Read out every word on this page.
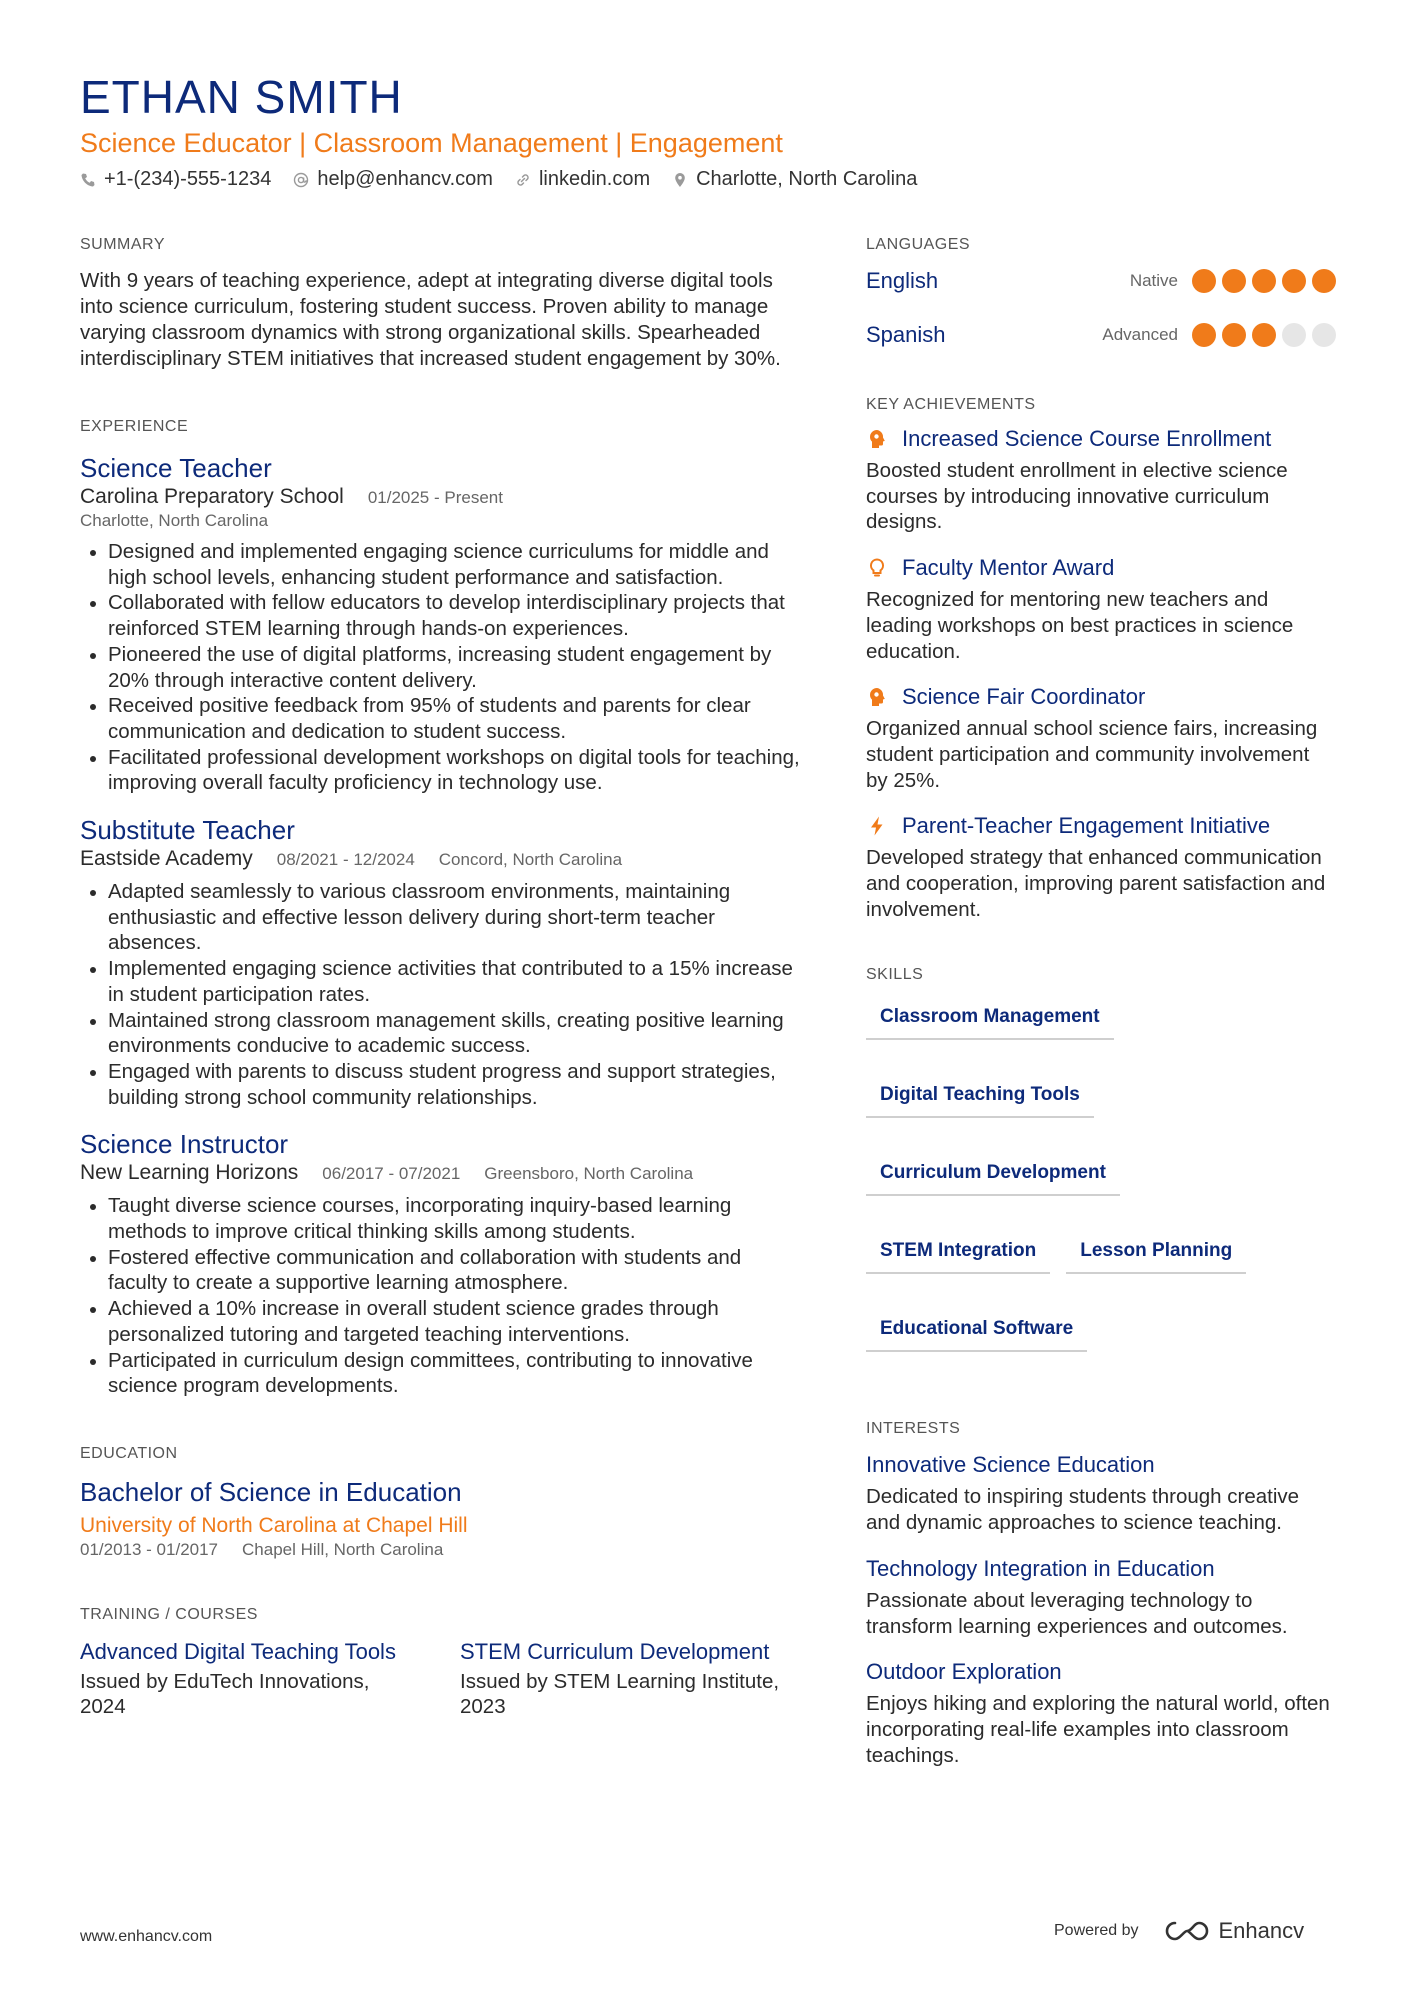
ETHAN SMITH
Science Educator | Classroom Management | Engagement
+1-(234)-555-1234 help@enhancv.com linkedin.com Charlotte, North Carolina
SUMMARY
With 9 years of teaching experience, adept at integrating diverse digital tools into science curriculum, fostering student success. Proven ability to manage varying classroom dynamics with strong organizational skills. Spearheaded interdisciplinary STEM initiatives that increased student engagement by 30%.
EXPERIENCE
Science Teacher
Carolina Preparatory School 01/2025 - Present
Charlotte, North Carolina
Designed and implemented engaging science curriculums for middle and high school levels, enhancing student performance and satisfaction.
Collaborated with fellow educators to develop interdisciplinary projects that reinforced STEM learning through hands-on experiences.
Pioneered the use of digital platforms, increasing student engagement by 20% through interactive content delivery.
Received positive feedback from 95% of students and parents for clear communication and dedication to student success.
Facilitated professional development workshops on digital tools for teaching, improving overall faculty proficiency in technology use.
Substitute Teacher
Eastside Academy 08/2021 - 12/2024 Concord, North Carolina
Adapted seamlessly to various classroom environments, maintaining enthusiastic and effective lesson delivery during short-term teacher absences.
Implemented engaging science activities that contributed to a 15% increase in student participation rates.
Maintained strong classroom management skills, creating positive learning environments conducive to academic success.
Engaged with parents to discuss student progress and support strategies, building strong school community relationships.
Science Instructor
New Learning Horizons 06/2017 - 07/2021 Greensboro, North Carolina
Taught diverse science courses, incorporating inquiry-based learning methods to improve critical thinking skills among students.
Fostered effective communication and collaboration with students and faculty to create a supportive learning atmosphere.
Achieved a 10% increase in overall student science grades through personalized tutoring and targeted teaching interventions.
Participated in curriculum design committees, contributing to innovative science program developments.
EDUCATION
Bachelor of Science in Education
University of North Carolina at Chapel Hill
01/2013 - 01/2017 Chapel Hill, North Carolina
TRAINING / COURSES
Advanced Digital Teaching Tools
Issued by EduTech Innovations, 2024
STEM Curriculum Development
Issued by STEM Learning Institute, 2023
LANGUAGES
English	Native
Spanish	Advanced
KEY ACHIEVEMENTS
Increased Science Course Enrollment
Boosted student enrollment in elective science courses by introducing innovative curriculum designs.
Faculty Mentor Award
Recognized for mentoring new teachers and leading workshops on best practices in science education.
Science Fair Coordinator
Organized annual school science fairs, increasing student participation and community involvement by 25%.
Parent-Teacher Engagement Initiative
Developed strategy that enhanced communication and cooperation, improving parent satisfaction and involvement.
SKILLS
Classroom Management
Digital Teaching Tools
Curriculum Development
STEM Integration	Lesson Planning
Educational Software
INTERESTS
Innovative Science Education
Dedicated to inspiring students through creative and dynamic approaches to science teaching.
Technology Integration in Education
Passionate about leveraging technology to transform learning experiences and outcomes.
Outdoor Exploration
Enjoys hiking and exploring the natural world, often incorporating real-life examples into classroom teachings.
www.enhancv.com	Powered by	Enhancv
